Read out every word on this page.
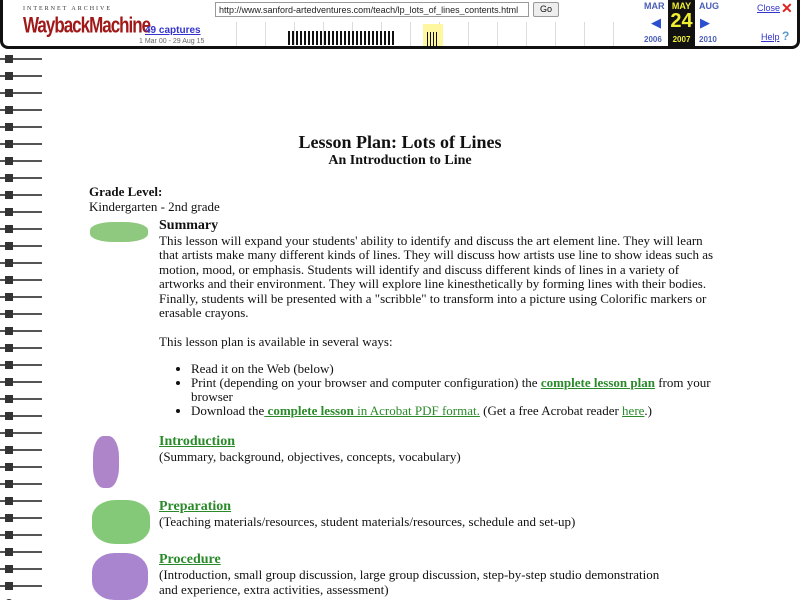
INTERNET ARCHIVE
WaybackMachine
49 captures
1 Mar 00 - 29 Aug 15
http://www.sanford-artedventures.com/teach/lp_lots_of_lines_contents.html
Go	MAR
◀
2006
MAY
24
2007
AUG
▶
2010
Close ✕
Help ?
Lesson Plan: Lots of Lines
An Introduction to Line
Grade Level:
Kindergarten - 2nd grade
Summary

This lesson will expand your students' ability to identify and discuss the art element line. They will learn that artists make many different kinds of lines. They will discuss how artists use line to show ideas such as motion, mood, or emphasis. Students will identify and discuss different kinds of lines in a variety of artworks and their environment. They will explore line kinesthetically by forming lines with their bodies. Finally, students will be presented with a "scribble" to transform into a picture using Colorific markers or erasable crayons.

This lesson plan is available in several ways:

• Read it on the Web (below)
• Print (depending on your browser and computer configuration) the complete lesson plan from your browser
• Download the complete lesson in Acrobat PDF format. (Get a free Acrobat reader here.)
Introduction

(Summary, background, objectives, concepts, vocabulary)

Preparation

(Teaching materials/resources, student materials/resources, schedule and set-up)

Procedure

(Introduction, small group discussion, large group discussion, step-by-step studio demonstration and experience, extra activities, assessment)
